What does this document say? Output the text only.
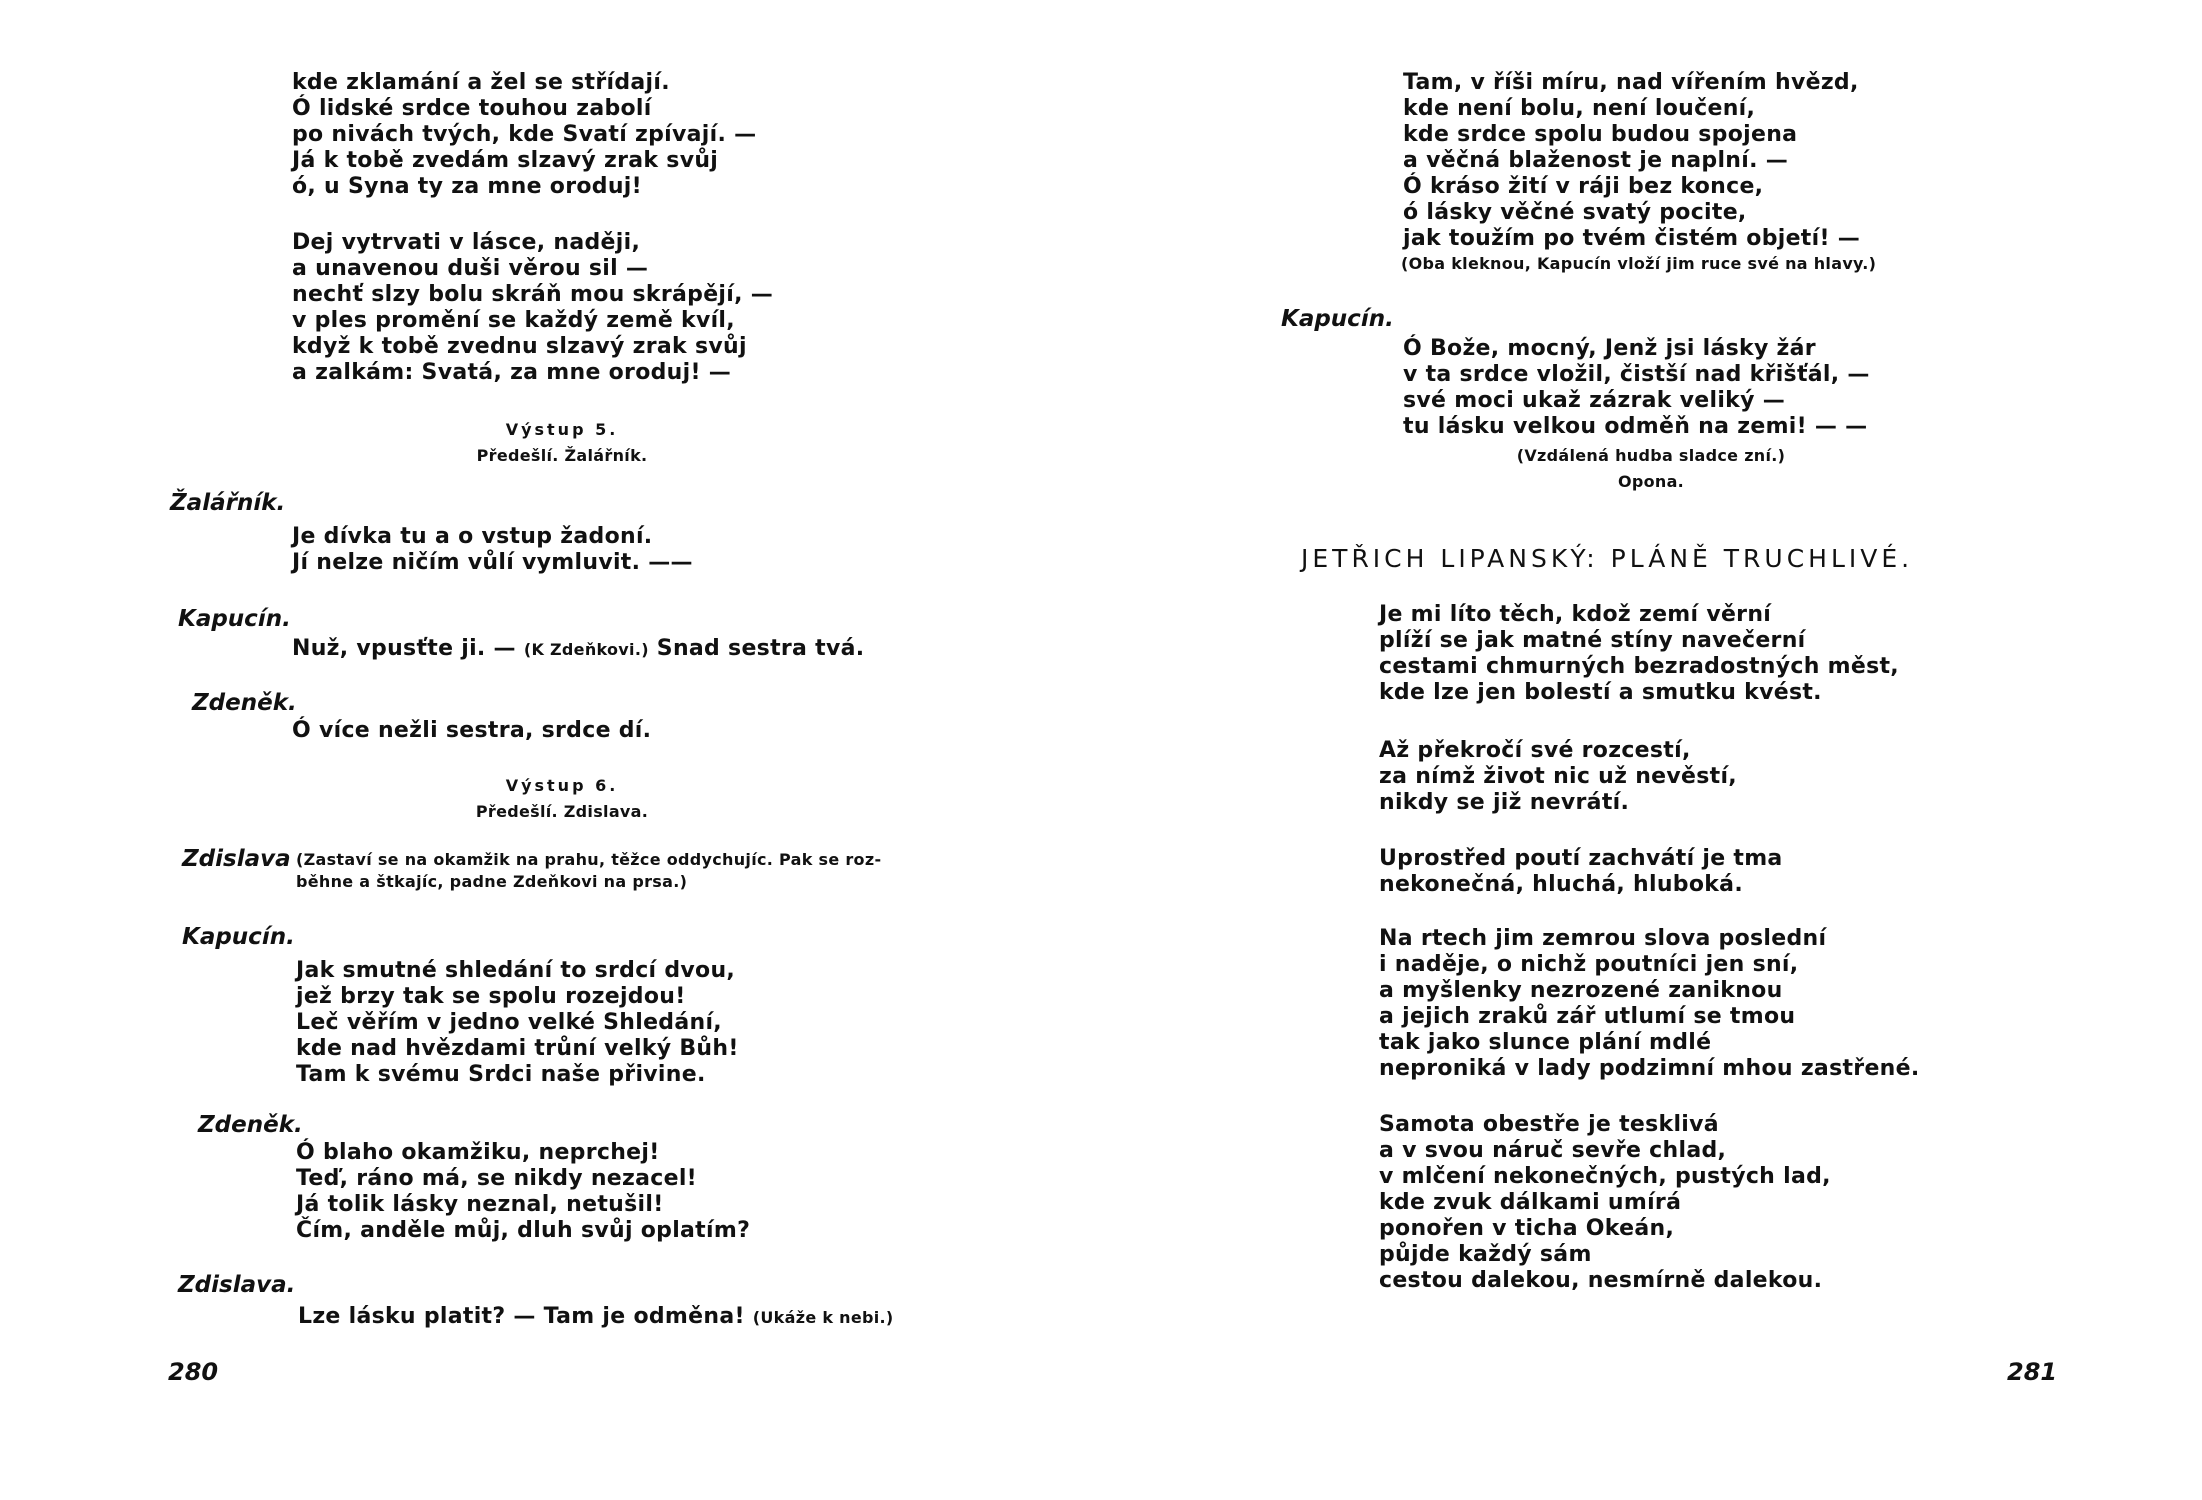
kde zklamání a žel se střídají.
Ó lidské srdce touhou zabolí
po nivách tvých, kde Svatí zpívají. —
Já k tobě zvedám slzavý zrak svůj
ó, u Syna ty za mne oroduj!
Dej vytrvati v lásce, naději,
a unavenou duši věrou sil —
nechť slzy bolu skráň mou skrápějí, —
v ples promění se každý země kvíl,
když k tobě zvednu slzavý zrak svůj
a zalkám: Svatá, za mne oroduj! —
Výstup 5.
Předešlí. Žalářník.
Žalářník.
Je dívka tu a o vstup žadoní.
Jí nelze ničím vůlí vymluvit. ——
Kapucín.
Nuž, vpusťte ji. — (K Zdeňkovi.) Snad sestra tvá.
Zdeněk.
Ó více nežli sestra, srdce dí.
Výstup 6.
Předešlí. Zdislava.
Zdislava (Zastaví se na okamžik na prahu, těžce oddychujíc. Pak se roz-
běhne a štkajíc, padne Zdeňkovi na prsa.)
Kapucín.
Jak smutné shledání to srdcí dvou,
jež brzy tak se spolu rozejdou!
Leč věřím v jedno velké Shledání,
kde nad hvězdami trůní velký Bůh!
Tam k svému Srdci naše přivine.
Zdeněk.
Ó blaho okamžiku, neprchej!
Teď, ráno má, se nikdy nezacel!
Já tolik lásky neznal, netušil!
Čím, anděle můj, dluh svůj oplatím?
Zdislava.
Lze lásku platit? — Tam je odměna! (Ukáže k nebi.)
280
Tam, v říši míru, nad vířením hvězd,
kde není bolu, není loučení,
kde srdce spolu budou spojena
a věčná blaženost je naplní. —
Ó kráso žití v ráji bez konce,
ó lásky věčné svatý pocite,
jak toužím po tvém čistém objetí! —
(Oba kleknou, Kapucín vloží jim ruce své na hlavy.)
Kapucín.
Ó Bože, mocný, Jenž jsi lásky žár
v ta srdce vložil, čistší nad křišťál, —
své moci ukaž zázrak veliký —
tu lásku velkou odměň na zemi! — —
(Vzdálená hudba sladce zní.)
Opona.
JETŘICH LIPANSKÝ: PLÁNĚ TRUCHLIVÉ.
Je mi líto těch, kdož zemí věrní
plíží se jak matné stíny navečerní
cestami chmurných bezradostných měst,
kde lze jen bolestí a smutku kvést.
Až překročí své rozcestí,
za nímž život nic už nevěstí,
nikdy se již nevrátí.
Uprostřed poutí zachvátí je tma
nekonečná, hluchá, hluboká.
Na rtech jim zemrou slova poslední
i naděje, o nichž poutníci jen sní,
a myšlenky nezrozené zaniknou
a jejich zraků zář utlumí se tmou
tak jako slunce plání mdlé
neproniká v lady podzimní mhou zastřené.
Samota obestře je tesklivá
a v svou náruč sevře chlad,
v mlčení nekonečných, pustých lad,
kde zvuk dálkami umírá
ponořen v ticha Okeán,
půjde každý sám
cestou dalekou, nesmírně dalekou.
281
